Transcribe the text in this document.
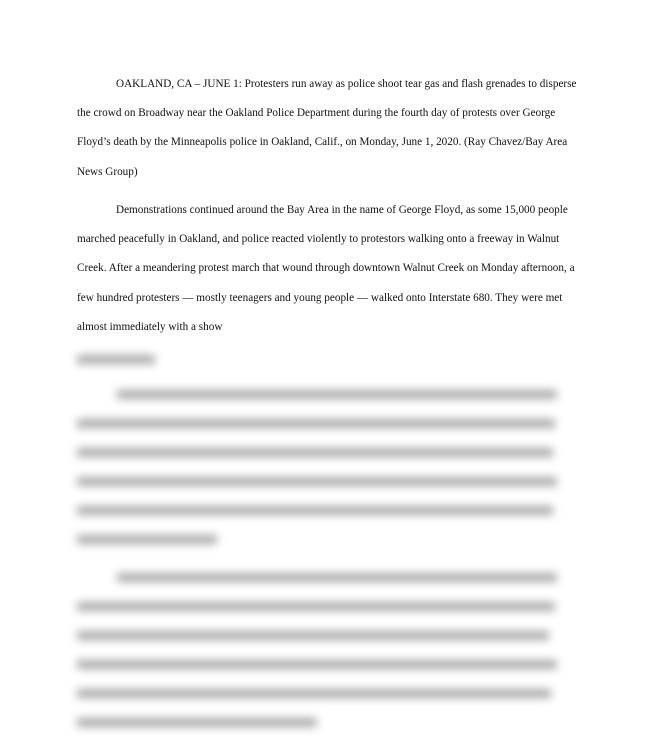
OAKLAND, CA – JUNE 1: Protesters run away as police shoot tear gas and flash grenades to disperse the crowd on Broadway near the Oakland Police Department during the fourth day of protests over George Floyd’s death by the Minneapolis police in Oakland, Calif., on Monday, June 1, 2020. (Ray Chavez/Bay Area News Group)

Demonstrations continued around the Bay Area in the name of George Floyd, as some 15,000 people marched peacefully in Oakland, and police reacted violently to protestors walking onto a freeway in Walnut Creek. After a meandering protest march that wound through downtown Walnut Creek on Monday afternoon, a few hundred protesters — mostly teenagers and young people — walked onto Interstate 680. They were met almost immediately with a show
